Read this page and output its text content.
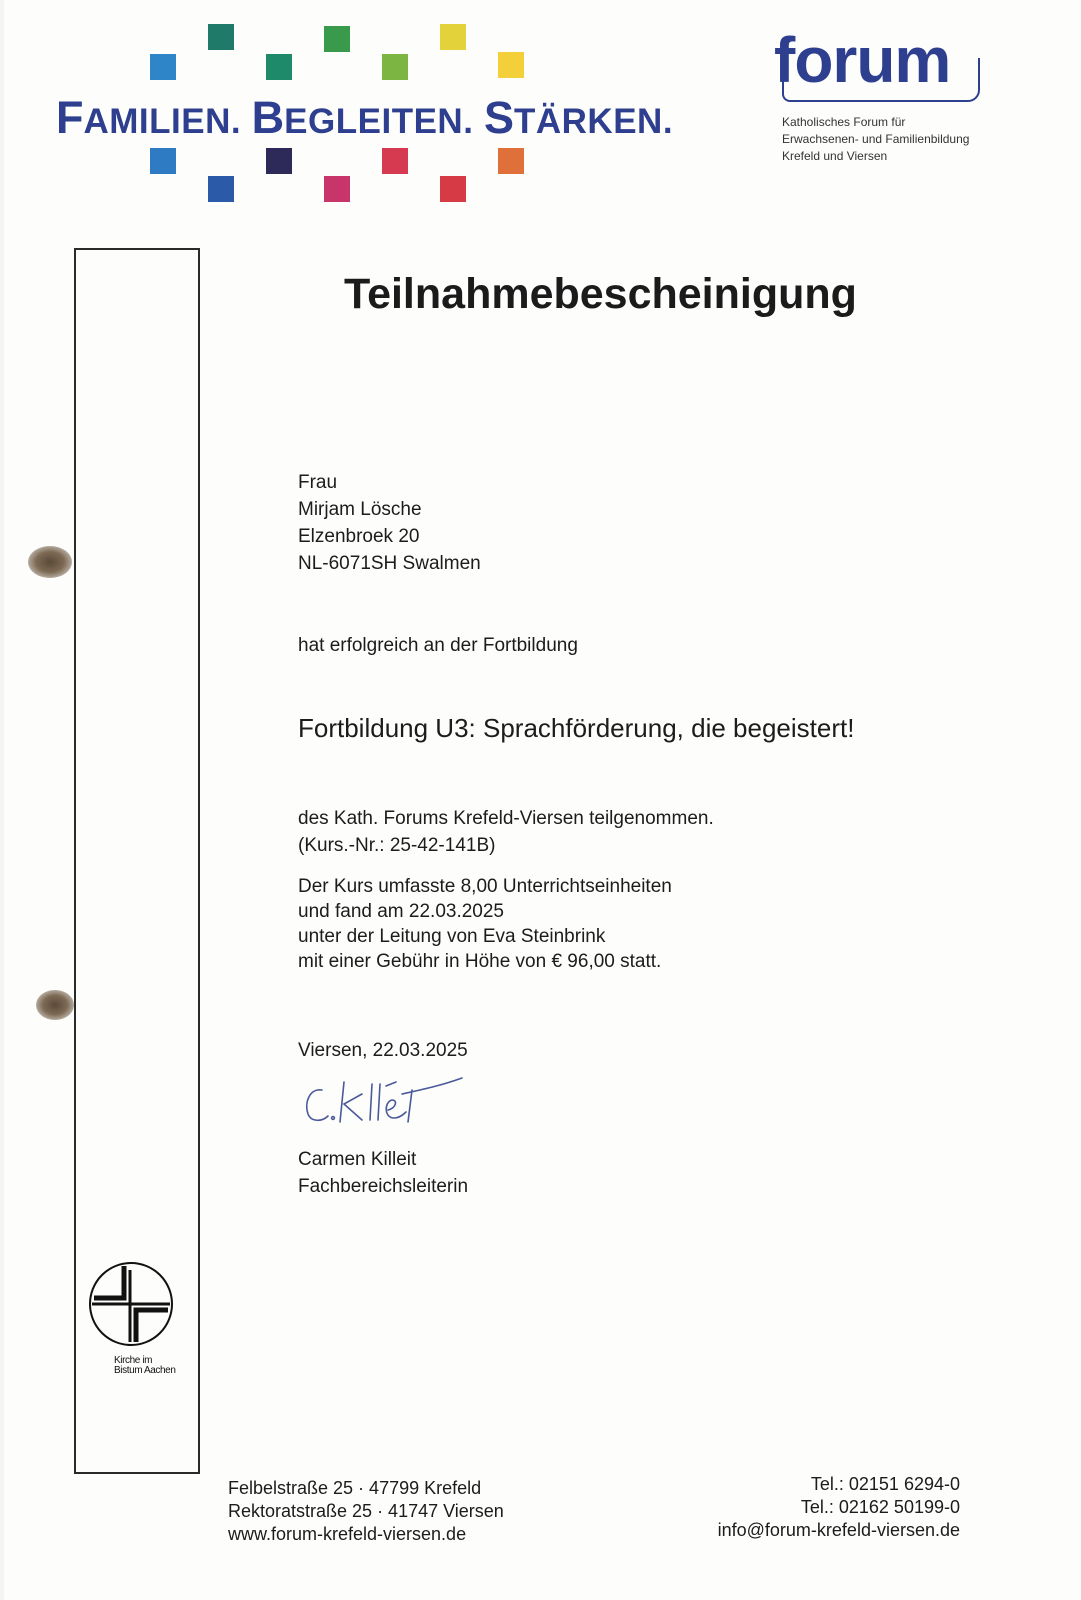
FAMILIEN. BEGLEITEN. STÄRKEN.
forum
Katholisches Forum für
Erwachsenen- und Familienbildung
Krefeld und Viersen
Kirche im
Bistum Aachen
Teilnahmebescheinigung
Frau
Mirjam Lösche
Elzenbroek 20
NL-6071SH Swalmen
hat erfolgreich an der Fortbildung
Fortbildung U3: Sprachförderung, die begeistert!
des Kath. Forums Krefeld-Viersen teilgenommen.
(Kurs.-Nr.: 25-42-141B)
Der Kurs umfasste 8,00 Unterrichtseinheiten
und fand am 22.03.2025
unter der Leitung von Eva Steinbrink
mit einer Gebühr in Höhe von € 96,00 statt.
Viersen, 22.03.2025
Carmen Killeit
Fachbereichsleiterin
Felbelstraße 25 · 47799 Krefeld
Rektoratstraße 25 · 41747 Viersen
www.forum-krefeld-viersen.de
Tel.: 02151 6294-0
Tel.: 02162 50199-0
info@forum-krefeld-viersen.de
